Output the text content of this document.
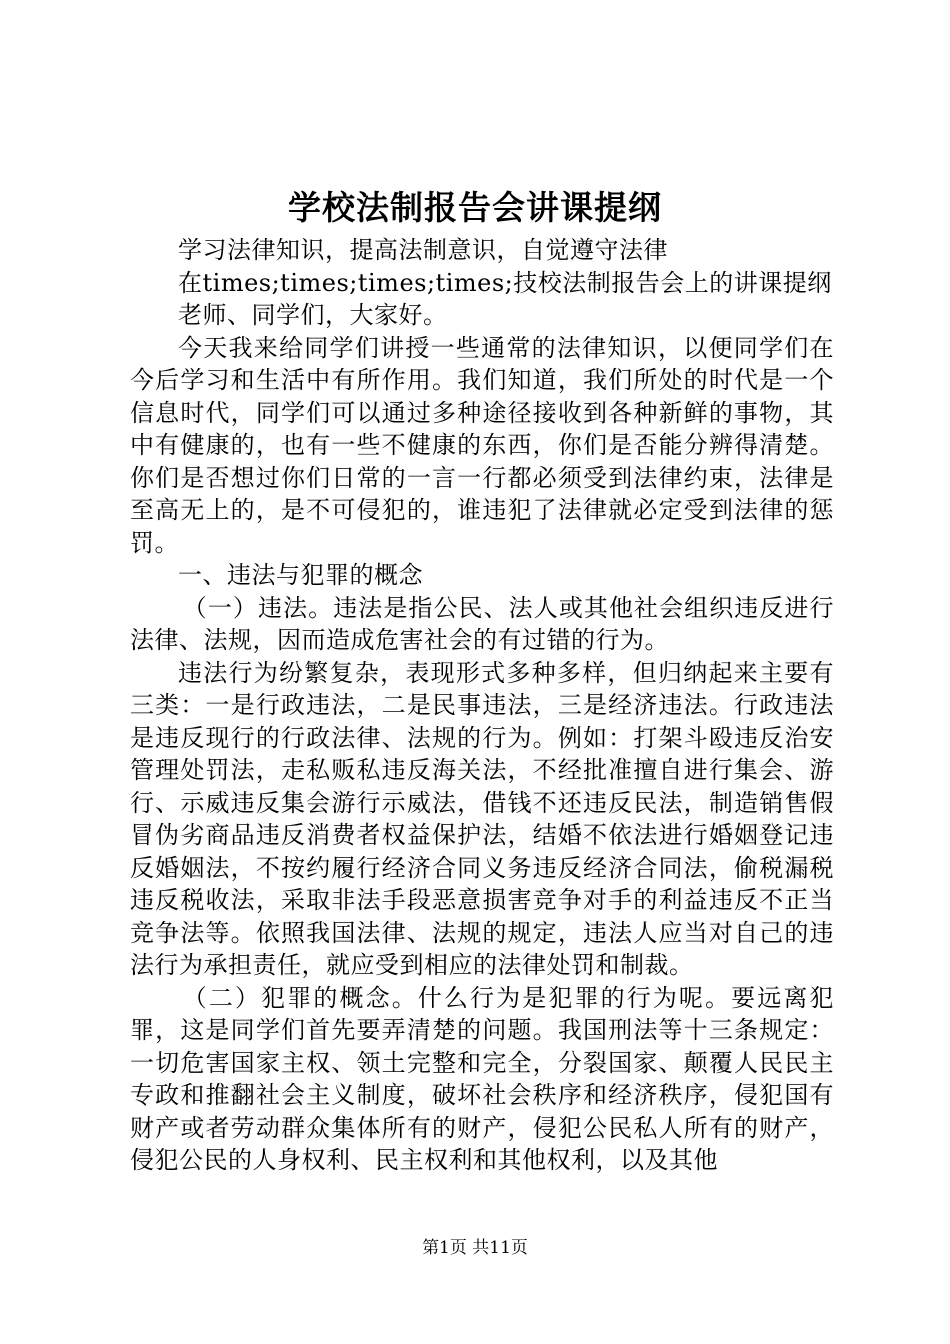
学校法制报告会讲课提纲

学习法律知识，提高法制意识，自觉遵守法律

在times;times;times;times;技校法制报告会上的讲课提纲

老师、同学们，大家好。

今天我来给同学们讲授一些通常的法律知识，以便同学们在今后学习和生活中有所作用。我们知道，我们所处的时代是一个信息时代，同学们可以通过多种途径接收到各种新鲜的事物，其中有健康的，也有一些不健康的东西，你们是否能分辨得清楚。你们是否想过你们日常的一言一行都必须受到法律约束，法律是至高无上的，是不可侵犯的，谁违犯了法律就必定受到法律的惩罚。

一、违法与犯罪的概念

（一）违法。违法是指公民、法人或其他社会组织违反进行法律、法规，因而造成危害社会的有过错的行为。

违法行为纷繁复杂，表现形式多种多样，但归纳起来主要有三类：一是行政违法，二是民事违法，三是经济违法。行政违法是违反现行的行政法律、法规的行为。例如：打架斗殴违反治安管理处罚法，走私贩私违反海关法，不经批准擅自进行集会、游行、示威违反集会游行示威法，借钱不还违反民法，制造销售假冒伪劣商品违反消费者权益保护法，结婚不依法进行婚姻登记违反婚姻法，不按约履行经济合同义务违反经济合同法，偷税漏税违反税收法，采取非法手段恶意损害竞争对手的利益违反不正当竞争法等。依照我国法律、法规的规定，违法人应当对自己的违法行为承担责任，就应受到相应的法律处罚和制裁。

（二）犯罪的概念。什么行为是犯罪的行为呢。要远离犯罪，这是同学们首先要弄清楚的问题。我国刑法等十三条规定：一切危害国家主权、领土完整和完全，分裂国家、颠覆人民民主专政和推翻社会主义制度，破坏社会秩序和经济秩序，侵犯国有财产或者劳动群众集体所有的财产，侵犯公民私人所有的财产，侵犯公民的人身权利、民主权利和其他权利，以及其他

第1页 共11页
